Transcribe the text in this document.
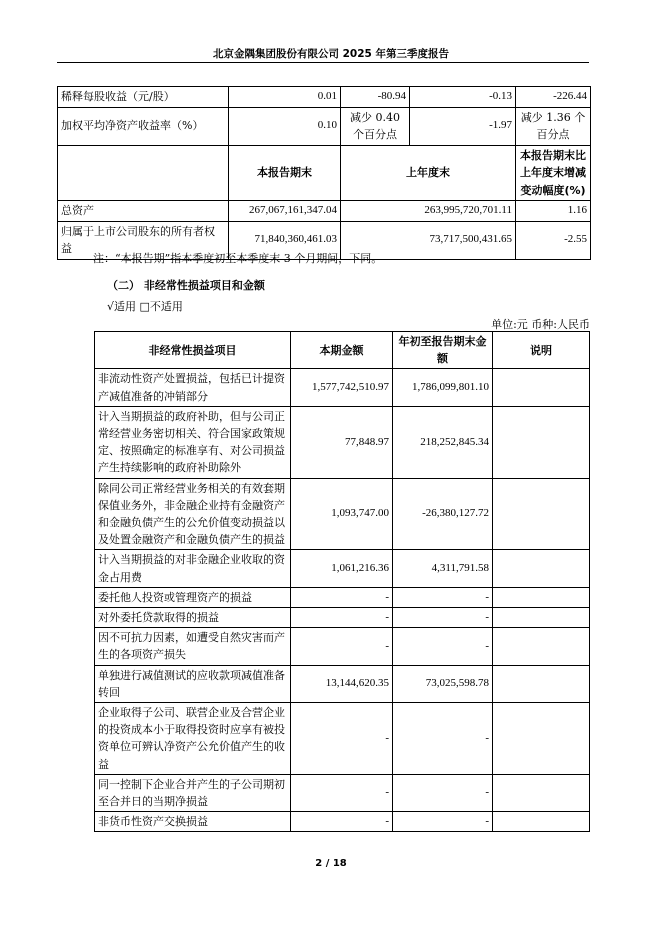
北京金隅集团股份有限公司 2025 年第三季度报告
稀释每股收益（元/股）	0.01	-80.94	-0.13	-226.44
加权平均净资产收益率（%）	0.10	减少 0.40 个百分点	-1.97	减少 1.36 个百分点
	本报告期末	上年度末		本报告期末比上年度末增减变动幅度(%)
总资产	267,067,161,347.04	263,995,720,701.11		1.16
归属于上市公司股东的所有者权益	71,840,360,461.03	73,717,500,431.65		-2.55
注：“本报告期”指本季度初至本季度末 3 个月期间，下同。
（二） 非经常性损益项目和金额
√适用 □不适用
单位:元 币种:人民币
非经常性损益项目	本期金额	年初至报告期末金额	说明
非流动性资产处置损益，包括已计提资产减值准备的冲销部分	1,577,742,510.97	1,786,099,801.10	
计入当期损益的政府补助，但与公司正常经营业务密切相关、符合国家政策规定、按照确定的标准享有、对公司损益产生持续影响的政府补助除外	77,848.97	218,252,845.34	
除同公司正常经营业务相关的有效套期保值业务外，非金融企业持有金融资产和金融负债产生的公允价值变动损益以及处置金融资产和金融负债产生的损益	1,093,747.00	-26,380,127.72	
计入当期损益的对非金融企业收取的资金占用费	1,061,216.36	4,311,791.58	
委托他人投资或管理资产的损益	-	-	
对外委托贷款取得的损益	-	-	
因不可抗力因素，如遭受自然灾害而产生的各项资产损失	-	-	
单独进行减值测试的应收款项减值准备转回	13,144,620.35	73,025,598.78	
企业取得子公司、联营企业及合营企业的投资成本小于取得投资时应享有被投资单位可辨认净资产公允价值产生的收益	-	-	
同一控制下企业合并产生的子公司期初至合并日的当期净损益	-	-	
非货币性资产交换损益	-	-	
2 / 18
